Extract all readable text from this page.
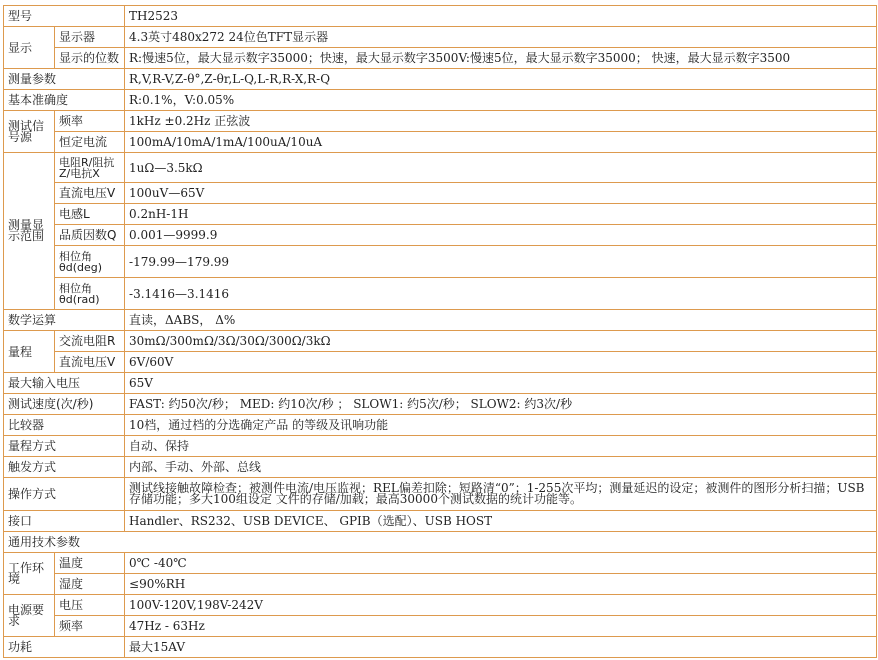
型号		TH2523
显示	显示器	4.3英寸480x272 24位色TFT显示器
	显示的位数	R:慢速5位，最大显示数字35000；快速，最大显示数字3500V:慢速5位，最大显示数字35000； 快速，最大显示数字3500
测量参数		R,V,R-V,Z-θ°,Z-θr,L-Q,L-R,R-X,R-Q
基本准确度		R:0.1%，V:0.05%
测试信号源	频率	1kHz ±0.2Hz 正弦波
	恒定电流	100mA/10mA/1mA/100uA/10uA
测量显示范围	电阻R/阻抗Z/电抗X	1uΩ—3.5kΩ
	直流电压V	100uV—65V
	电感L	0.2nH-1H
	品质因数Q	0.001—9999.9
	相位角θd(deg)	-179.99—179.99
	相位角θd(rad)	-3.1416—3.1416
数学运算		直读，ΔABS， Δ%
量程	交流电阻R	30mΩ/300mΩ/3Ω/30Ω/300Ω/3kΩ
	直流电压V	6V/60V
最大输入电压		65V
测试速度(次/秒)		FAST: 约50次/秒； MED: 约10次/秒 ； SLOW1: 约5次/秒； SLOW2: 约3次/秒
比较器		10档，通过档的分选确定产品 的等级及讯响功能
量程方式		自动、保持
触发方式		内部、手动、外部、总线
操作方式		测试线接触故障检查；被测件电流/电压监视；REL偏差扣除；短路清“0”；1-255次平均；测量延迟的设定；被测件的图形分析扫描；USB存储功能；多大100组设定 文件的存储/加载；最高30000个测试数据的统计功能等。
接口		Handler、RS232、USB DEVICE、 GPIB（选配）、USB HOST
通用技术参数		
工作环境	温度	0℃ -40℃
	湿度	≤90%RH
电源要求	电压	100V-120V,198V-242V
	频率	47Hz - 63Hz
功耗		最大15AV
